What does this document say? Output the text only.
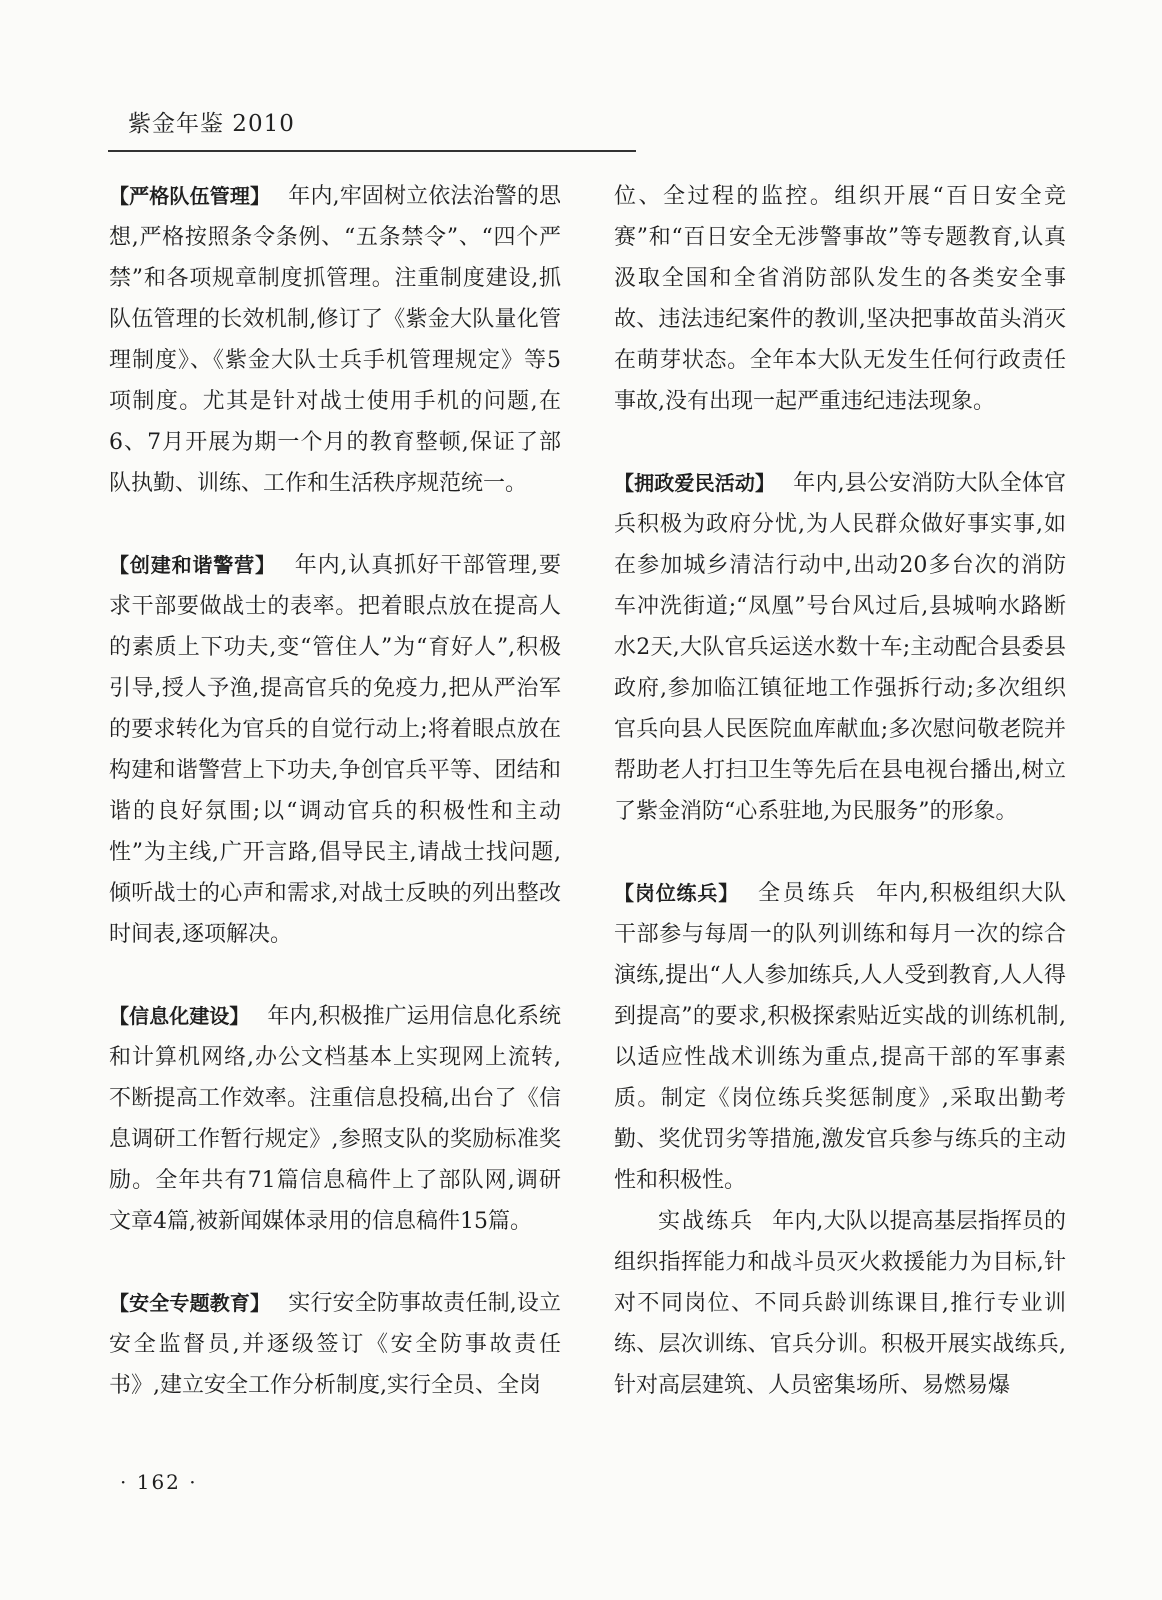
紫金年鉴 2010

【严格队伍管理】 年内,牢固树立依法治警的思想,严格按照条令条例、“五条禁令”、“四个严禁”和各项规章制度抓管理。注重制度建设,抓队伍管理的长效机制,修订了《紫金大队量化管理制度》、《紫金大队士兵手机管理规定》等5项制度。尤其是针对战士使用手机的问题,在6、7月开展为期一个月的教育整顿,保证了部队执勤、训练、工作和生活秩序规范统一。

【创建和谐警营】 年内,认真抓好干部管理,要求干部要做战士的表率。把着眼点放在提高人的素质上下功夫,变“管住人”为“育好人”,积极引导,授人予渔,提高官兵的免疫力,把从严治军的要求转化为官兵的自觉行动上;将着眼点放在构建和谐警营上下功夫,争创官兵平等、团结和谐的良好氛围;以“调动官兵的积极性和主动性”为主线,广开言路,倡导民主,请战士找问题,倾听战士的心声和需求,对战士反映的列出整改时间表,逐项解决。

【信息化建设】 年内,积极推广运用信息化系统和计算机网络,办公文档基本上实现网上流转,不断提高工作效率。注重信息投稿,出台了《信息调研工作暂行规定》,参照支队的奖励标准奖励。全年共有71篇信息稿件上了部队网,调研文章4篇,被新闻媒体录用的信息稿件15篇。

【安全专题教育】 实行安全防事故责任制,设立安全监督员,并逐级签订《安全防事故责任书》,建立安全工作分析制度,实行全员、全岗

位、全过程的监控。组织开展“百日安全竞赛”和“百日安全无涉警事故”等专题教育,认真汲取全国和全省消防部队发生的各类安全事故、违法违纪案件的教训,坚决把事故苗头消灭在萌芽状态。全年本大队无发生任何行政责任事故,没有出现一起严重违纪违法现象。

【拥政爱民活动】 年内,县公安消防大队全体官兵积极为政府分忧,为人民群众做好事实事,如在参加城乡清洁行动中,出动20多台次的消防车冲洗街道;“凤凰”号台风过后,县城响水路断水2天,大队官兵运送水数十车;主动配合县委县政府,参加临江镇征地工作强拆行动;多次组织官兵向县人民医院血库献血;多次慰问敬老院并帮助老人打扫卫生等先后在县电视台播出,树立了紫金消防“心系驻地,为民服务”的形象。

【岗位练兵】 全员练兵 年内,积极组织大队干部参与每周一的队列训练和每月一次的综合演练,提出“人人参加练兵,人人受到教育,人人得到提高”的要求,积极探索贴近实战的训练机制,以适应性战术训练为重点,提高干部的军事素质。制定《岗位练兵奖惩制度》,采取出勤考勤、奖优罚劣等措施,激发官兵参与练兵的主动性和积极性。

实战练兵 年内,大队以提高基层指挥员的组织指挥能力和战斗员灭火救援能力为目标,针对不同岗位、不同兵龄训练课目,推行专业训练、层次训练、官兵分训。积极开展实战练兵,针对高层建筑、人员密集场所、易燃易爆

· 162 ·
